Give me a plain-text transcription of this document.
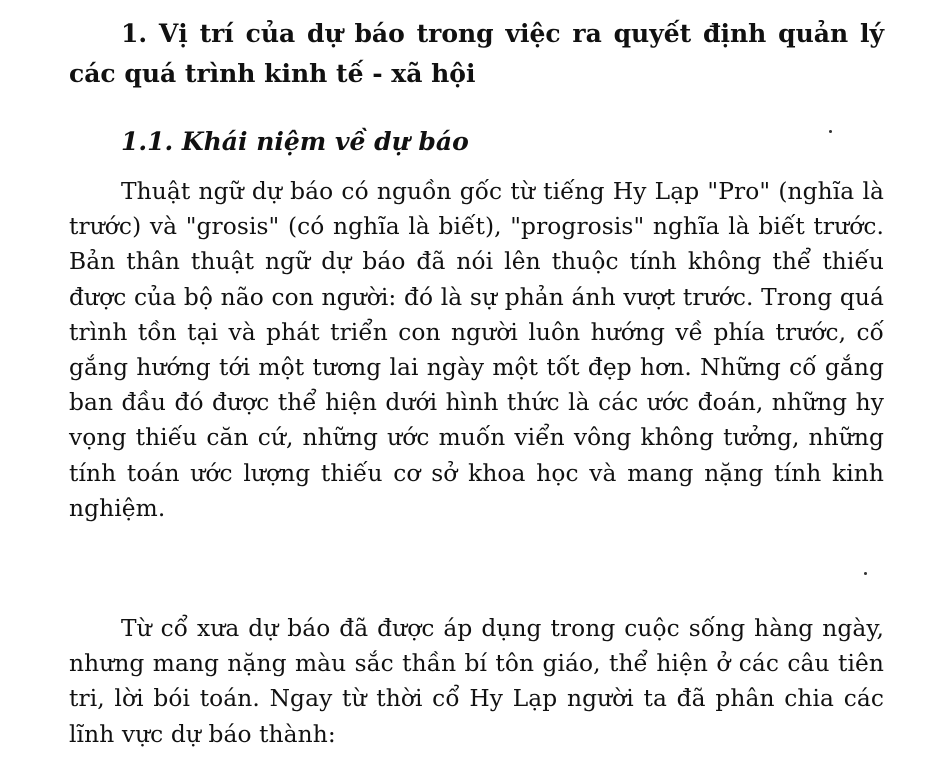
1. Vị trí của dự báo trong việc ra quyết định quản lý các quá trình kinh tế - xã hội

1.1. Khái niệm về dự báo

Thuật ngữ dự báo có nguồn gốc từ tiếng Hy Lạp "Pro" (nghĩa là trước) và "grosis" (có nghĩa là biết), "progrosis" nghĩa là biết trước. Bản thân thuật ngữ dự báo đã nói lên thuộc tính không thể thiếu được của bộ não con người: đó là sự phản ánh vượt trước. Trong quá trình tồn tại và phát triển con người luôn hướng về phía trước, cố gắng hướng tới một tương lai ngày một tốt đẹp hơn. Những cố gắng ban đầu đó được thể hiện dưới hình thức là các ước đoán, những hy vọng thiếu căn cứ, những ước muốn viển vông không tưởng, những tính toán ước lượng thiếu cơ sở khoa học và mang nặng tính kinh nghiệm.

Từ cổ xưa dự báo đã được áp dụng trong cuộc sống hàng ngày, nhưng mang nặng màu sắc thần bí tôn giáo, thể hiện ở các câu tiên tri, lời bói toán. Ngay từ thời cổ Hy Lạp người ta đã phân chia các lĩnh vực dự báo thành:
